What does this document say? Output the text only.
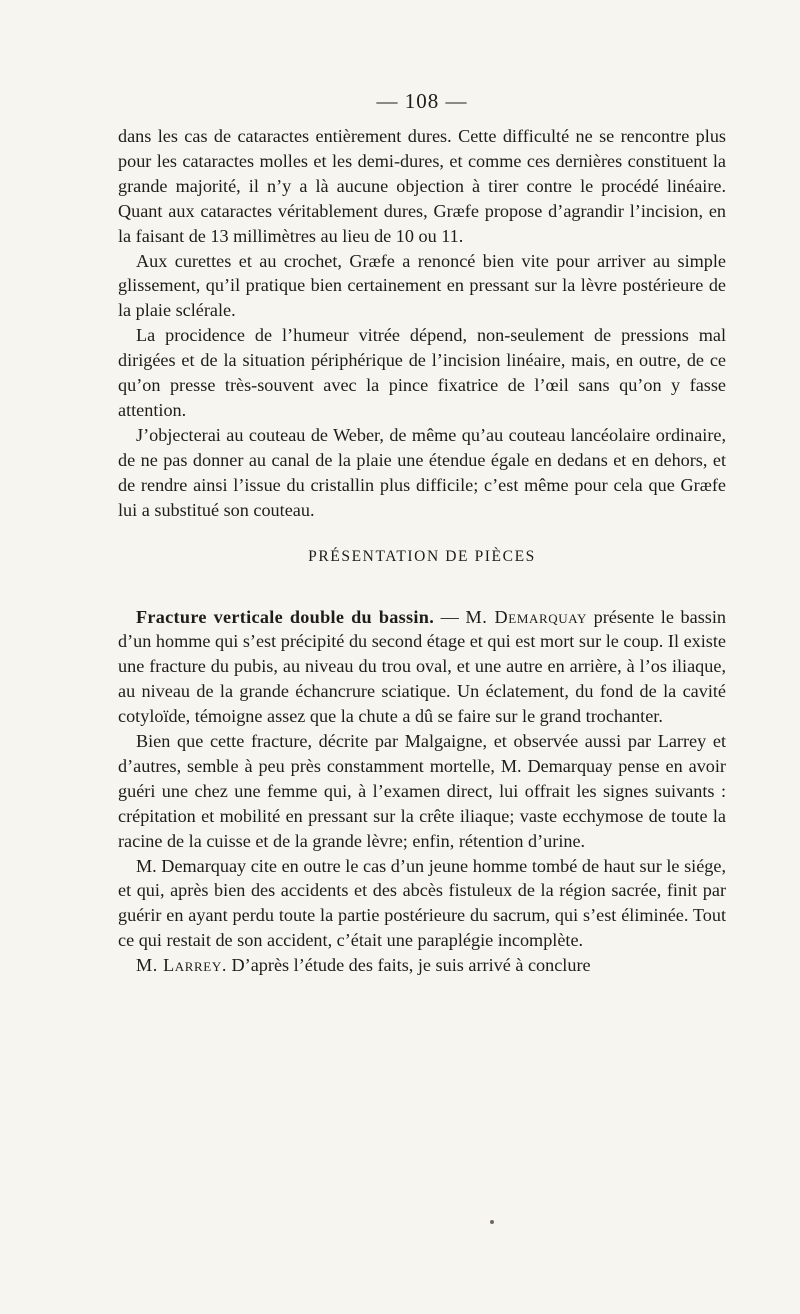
— 108 —

dans les cas de cataractes entièrement dures. Cette difficulté ne se rencontre plus pour les cataractes molles et les demi-dures, et comme ces dernières constituent la grande majorité, il n’y a là aucune objection à tirer contre le procédé linéaire. Quant aux cataractes véritablement dures, Græfe propose d’agrandir l’incision, en la faisant de 13 millimètres au lieu de 10 ou 11.

Aux curettes et au crochet, Græfe a renoncé bien vite pour arriver au simple glissement, qu’il pratique bien certainement en pressant sur la lèvre postérieure de la plaie sclérale.

La procidence de l’humeur vitrée dépend, non-seulement de pressions mal dirigées et de la situation périphérique de l’incision linéaire, mais, en outre, de ce qu’on presse très-souvent avec la pince fixatrice de l’œil sans qu’on y fasse attention.

J’objecterai au couteau de Weber, de même qu’au couteau lancéolaire ordinaire, de ne pas donner au canal de la plaie une étendue égale en dedans et en dehors, et de rendre ainsi l’issue du cristallin plus difficile; c’est même pour cela que Græfe lui a substitué son couteau.

PRÉSENTATION DE PIÈCES

Fracture verticale double du bassin. — M. Demarquay présente le bassin d’un homme qui s’est précipité du second étage et qui est mort sur le coup. Il existe une fracture du pubis, au niveau du trou oval, et une autre en arrière, à l’os iliaque, au niveau de la grande échancrure sciatique. Un éclatement, du fond de la cavité cotyloïde, témoigne assez que la chute a dû se faire sur le grand trochanter.

Bien que cette fracture, décrite par Malgaigne, et observée aussi par Larrey et d’autres, semble à peu près constamment mortelle, M. Demarquay pense en avoir guéri une chez une femme qui, à l’examen direct, lui offrait les signes suivants : crépitation et mobilité en pressant sur la crête iliaque; vaste ecchymose de toute la racine de la cuisse et de la grande lèvre; enfin, rétention d’urine.

M. Demarquay cite en outre le cas d’un jeune homme tombé de haut sur le siége, et qui, après bien des accidents et des abcès fistuleux de la région sacrée, finit par guérir en ayant perdu toute la partie postérieure du sacrum, qui s’est éliminée. Tout ce qui restait de son accident, c’était une paraplégie incomplète.

M. Larrey. D’après l’étude des faits, je suis arrivé à conclure
